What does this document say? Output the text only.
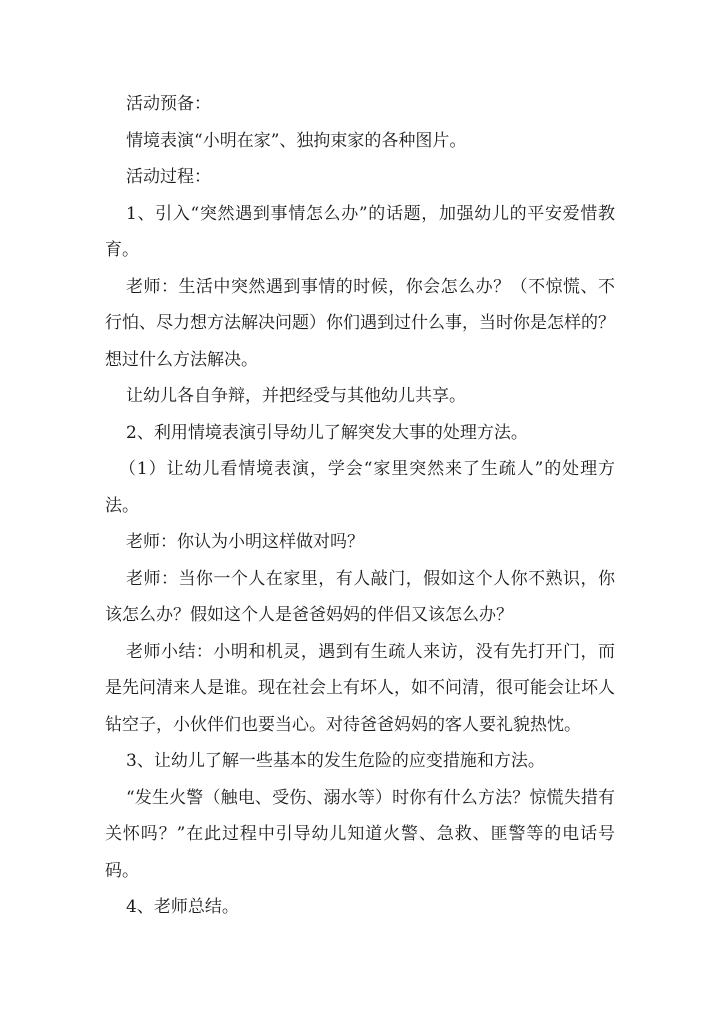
活动预备：

情境表演“小明在家”、独拘束家的各种图片。

活动过程：

1、引入“突然遇到事情怎么办”的话题，加强幼儿的平安爱惜教育。

老师：生活中突然遇到事情的时候，你会怎么办？（不惊慌、不行怕、尽力想方法解决问题）你们遇到过什么事，当时你是怎样的？想过什么方法解决。

让幼儿各自争辩，并把经受与其他幼儿共享。

2、利用情境表演引导幼儿了解突发大事的处理方法。

（1）让幼儿看情境表演，学会“家里突然来了生疏人”的处理方法。

老师：你认为小明这样做对吗？

老师：当你一个人在家里，有人敲门，假如这个人你不熟识，你该怎么办？假如这个人是爸爸妈妈的伴侣又该怎么办？

老师小结：小明和机灵，遇到有生疏人来访，没有先打开门，而是先问清来人是谁。现在社会上有坏人，如不问清，很可能会让坏人钻空子，小伙伴们也要当心。对待爸爸妈妈的客人要礼貌热忱。

3、让幼儿了解一些基本的发生危险的应变措施和方法。

“发生火警（触电、受伤、溺水等）时你有什么方法？惊慌失措有关怀吗？”在此过程中引导幼儿知道火警、急救、匪警等的电话号码。

4、老师总结。
